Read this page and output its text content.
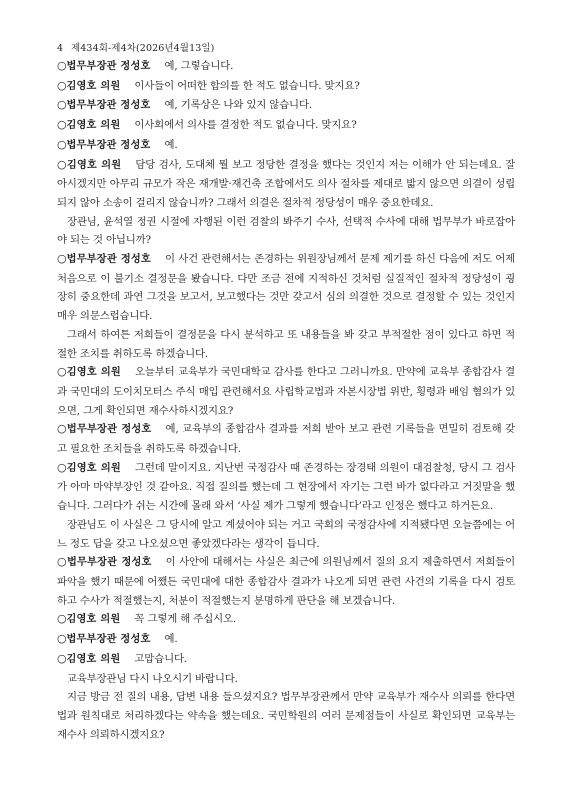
4 제434회-제4차(2026년4월13일)

○법무부장관 정성호 예, 그렇습니다.

○김영호 의원 이사들이 어떠한 합의를 한 적도 없습니다. 맞지요?

○법무부장관 정성호 예, 기록상은 나와 있지 않습니다.

○김영호 의원 이사회에서 의사를 결정한 적도 없습니다. 맞지요?

○법무부장관 정성호 예.

○김영호 의원 담당 검사, 도대체 뭘 보고 정당한 결정을 했다는 것인지 저는 이해가 안 되는데요. 잘 아시겠지만 아무리 규모가 작은 재개발·재건축 조합에서도 의사 절차를 제대로 밟지 않으면 의결이 성립되지 않아 소송이 걸리지 않습니까? 그래서 의결은 절차적 정당성이 매우 중요한데요.

장관님, 윤석열 정권 시절에 자행된 이런 검찰의 봐주기 수사, 선택적 수사에 대해 법무부가 바로잡아야 되는 것 아닙니까?

○법무부장관 정성호 이 사건 관련해서는 존경하는 위원장님께서 문제 제기를 하신 다음에 저도 어제 처음으로 이 불기소 결정문을 봤습니다. 다만 조금 전에 지적하신 것처럼 실질적인 절차적 정당성이 굉장히 중요한데 과연 그것을 보고서, 보고했다는 것만 갖고서 심의 의결한 것으로 결정할 수 있는 것인지 매우 의문스럽습니다.

그래서 하여튼 저희들이 결정문을 다시 분석하고 또 내용들을 봐 갖고 부적절한 점이 있다고 하면 적절한 조치를 취하도록 하겠습니다.

○김영호 의원 오늘부터 교육부가 국민대학교 감사를 한다고 그러니까요. 만약에 교육부 종합감사 결과 국민대의 도이치모터스 주식 매입 관련해서요 사립학교법과 자본시장법 위반, 횡령과 배임 혐의가 있으면, 그게 확인되면 재수사하시겠지요?

○법무부장관 정성호 예, 교육부의 종합감사 결과를 저희 받아 보고 관련 기록들을 면밀히 검토해 갖고 필요한 조치들을 취하도록 하겠습니다.

○김영호 의원 그런데 말이지요. 지난번 국정감사 때 존경하는 장경태 의원이 대검찰청, 당시 그 검사가 아마 마약부장인 것 같아요. 직접 질의를 했는데 그 현장에서 자기는 그런 바가 없다라고 거짓말을 했습니다. 그러다가 쉬는 시간에 몰래 와서 ‘사실 제가 그렇게 했습니다’라고 인정은 했다고 하거든요.

장관님도 이 사실은 그 당시에 알고 계셨어야 되는 거고 국회의 국정감사에 지적됐다면 오늘쯤에는 어느 정도 답을 갖고 나오셨으면 좋았겠다라는 생각이 듭니다.

○법무부장관 정성호 이 사안에 대해서는 사실은 최근에 의원님께서 질의 요지 제출하면서 저희들이 파악을 했기 때문에 어쨌든 국민대에 대한 종합감사 결과가 나오게 되면 관련 사건의 기록을 다시 검토하고 수사가 적절했는지, 처분이 적절했는지 분명하게 판단을 해 보겠습니다.

○김영호 의원 꼭 그렇게 해 주십시오.

○법무부장관 정성호 예.

○김영호 의원 고맙습니다.

교육부장관님 다시 나오시기 바랍니다.

지금 방금 전 질의 내용, 답변 내용 들으셨지요? 법무부장관께서 만약 교육부가 재수사 의뢰를 한다면 법과 원칙대로 처리하겠다는 약속을 했는데요. 국민학원의 여러 문제점들이 사실로 확인되면 교육부는 재수사 의뢰하시겠지요?
